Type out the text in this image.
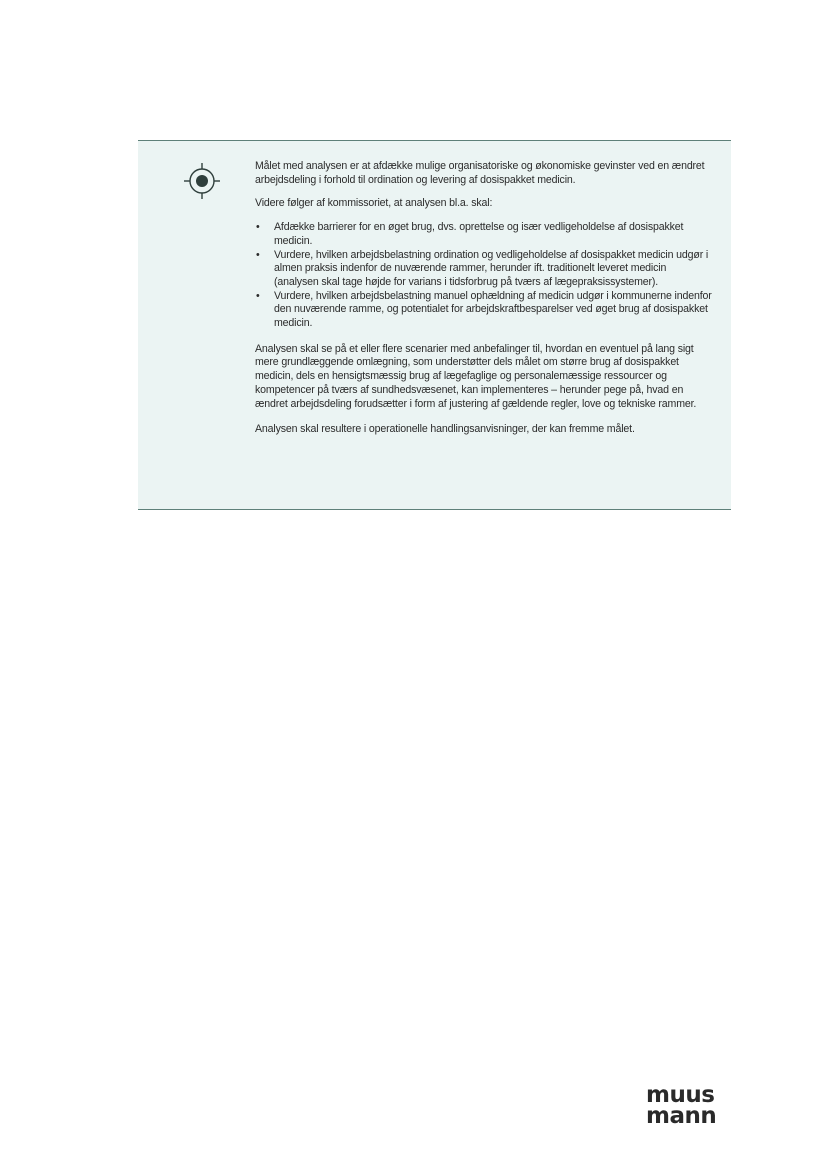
Målet med analysen er at afdække mulige organisatoriske og økonomiske gevinster ved en ændret arbejdsdeling i forhold til ordination og levering af dosispakket medicin.

Videre følger af kommissoriet, at analysen bl.a. skal:

• Afdække barrierer for en øget brug, dvs. oprettelse og især vedligeholdelse af dosispakket medicin.
• Vurdere, hvilken arbejdsbelastning ordination og vedligeholdelse af dosispakket medicin udgør i almen praksis indenfor de nuværende rammer, herunder ift. traditionelt leveret medicin (analysen skal tage højde for varians i tidsforbrug på tværs af lægepraksissystemer).
• Vurdere, hvilken arbejdsbelastning manuel ophældning af medicin udgør i kommunerne indenfor den nuværende ramme, og potentialet for arbejdskraftbesparelser ved øget brug af dosispakket medicin.

Analysen skal se på et eller flere scenarier med anbefalinger til, hvordan en eventuel på lang sigt mere grundlæggende omlægning, som understøtter dels målet om større brug af dosispakket medicin, dels en hensigtsmæssig brug af lægefaglige og personalemæssige ressourcer og kompetencer på tværs af sundhedsvæsenet, kan implementeres – herunder pege på, hvad en ændret arbejdsdeling forudsætter i form af justering af gældende regler, love og tekniske rammer.

Analysen skal resultere i operationelle handlingsanvisninger, der kan fremme målet.

muus
mann
